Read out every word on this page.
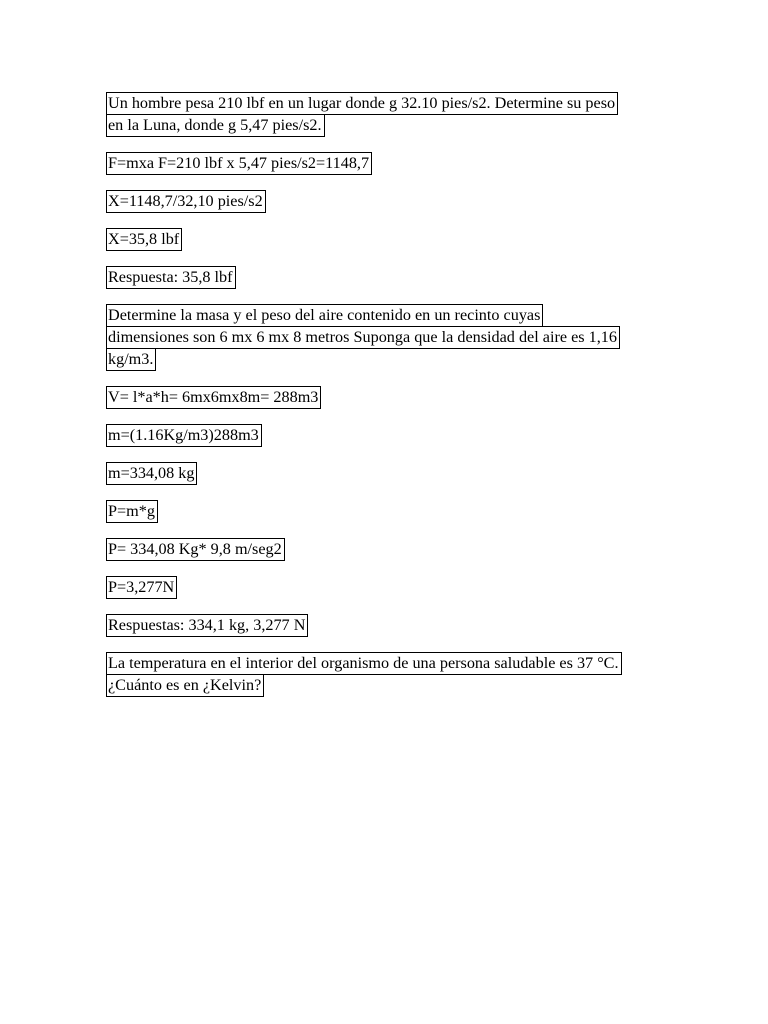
Un hombre pesa 210 lbf en un lugar donde g 32.10 pies/s2. Determine su peso
en la Luna, donde g 5,47 pies/s2.
F=mxa F=210 lbf x 5,47 pies/s2=1148,7
X=1148,7/32,10 pies/s2
X=35,8 lbf
Respuesta: 35,8 lbf
Determine la masa y el peso del aire contenido en un recinto cuyas
dimensiones son 6 mx 6 mx 8 metros Suponga que la densidad del aire es 1,16
kg/m3.
V= l*a*h= 6mx6mx8m= 288m3
m=(1.16Kg/m3)288m3
m=334,08 kg
P=m*g
P= 334,08 Kg* 9,8 m/seg2
P=3,277N
Respuestas: 334,1 kg, 3,277 N
La temperatura en el interior del organismo de una persona saludable es 37 °C.
¿Cuánto es en ¿Kelvin?
